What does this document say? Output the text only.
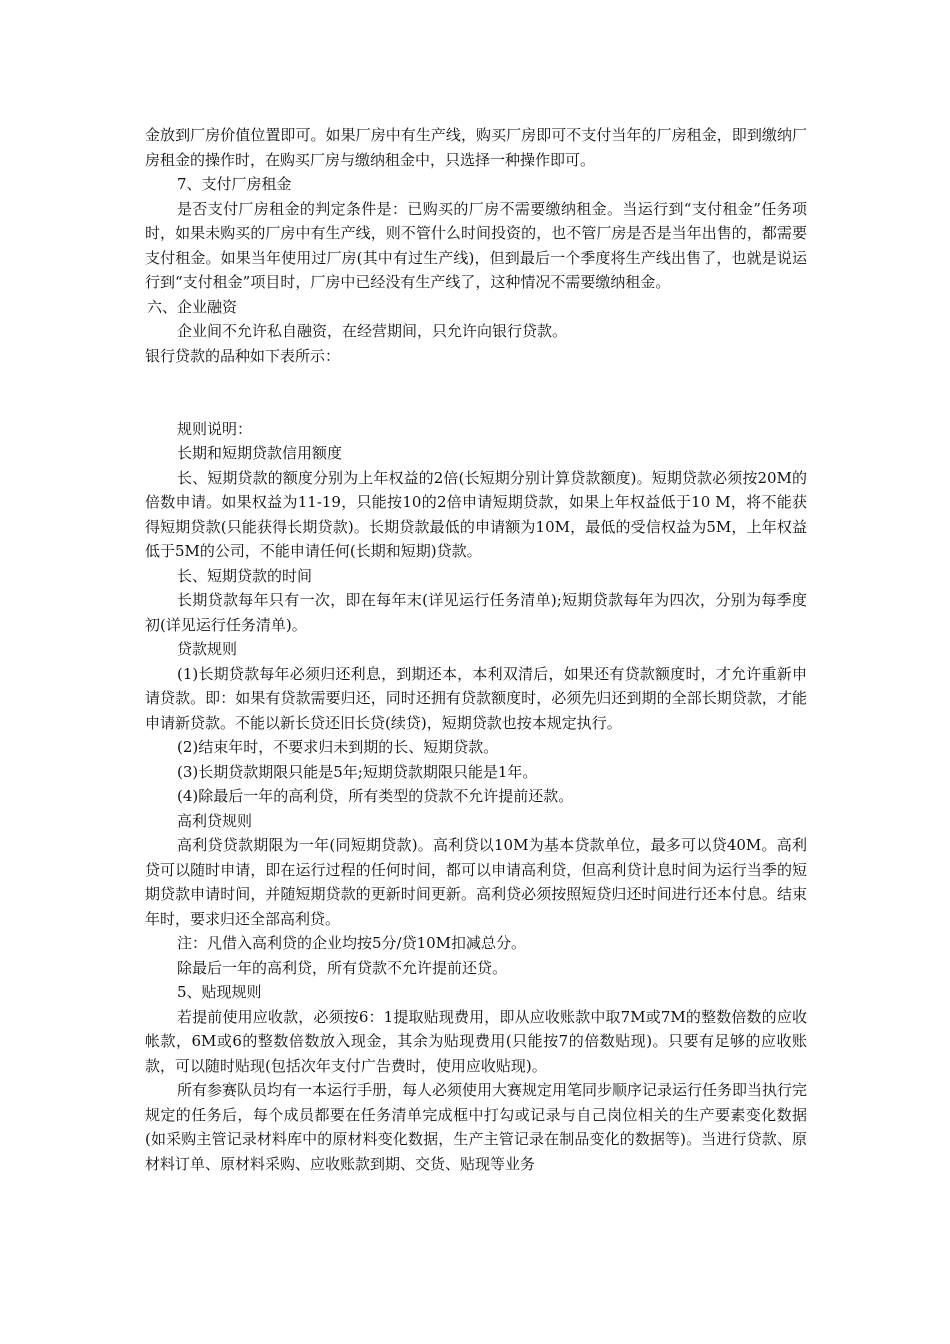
金放到厂房价值位置即可。如果厂房中有生产线，购买厂房即可不支付当年的厂房租金，即到缴纳厂房租金的操作时，在购买厂房与缴纳租金中，只选择一种操作即可。

7、支付厂房租金

是否支付厂房租金的判定条件是：已购买的厂房不需要缴纳租金。当运行到“支付租金”任务项时，如果未购买的厂房中有生产线，则不管什么时间投资的，也不管厂房是否是当年出售的，都需要支付租金。如果当年使用过厂房(其中有过生产线)，但到最后一个季度将生产线出售了，也就是说运行到“支付租金”项目时，厂房中已经没有生产线了，这种情况不需要缴纳租金。

六、企业融资

企业间不允许私自融资，在经营期间，只允许向银行贷款。

银行贷款的品种如下表所示：

规则说明：

长期和短期贷款信用额度

长、短期贷款的额度分别为上年权益的2倍(长短期分别计算贷款额度)。短期贷款必须按20M的倍数申请。如果权益为11-19，只能按10的2倍申请短期贷款，如果上年权益低于10 M，将不能获得短期贷款(只能获得长期贷款)。长期贷款最低的申请额为10M，最低的受信权益为5M，上年权益低于5M的公司，不能申请任何(长期和短期)贷款。

长、短期贷款的时间

长期贷款每年只有一次，即在每年末(详见运行任务清单);短期贷款每年为四次，分别为每季度初(详见运行任务清单)。

贷款规则

(1)长期贷款每年必须归还利息，到期还本，本利双清后，如果还有贷款额度时，才允许重新申请贷款。即：如果有贷款需要归还，同时还拥有贷款额度时，必须先归还到期的全部长期贷款，才能申请新贷款。不能以新长贷还旧长贷(续贷)，短期贷款也按本规定执行。

(2)结束年时，不要求归未到期的长、短期贷款。

(3)长期贷款期限只能是5年;短期贷款期限只能是1年。

(4)除最后一年的高利贷，所有类型的贷款不允许提前还款。

高利贷规则

高利贷贷款期限为一年(同短期贷款)。高利贷以10M为基本贷款单位，最多可以贷40M。高利贷可以随时申请，即在运行过程的任何时间，都可以申请高利贷，但高利贷计息时间为运行当季的短期贷款申请时间，并随短期贷款的更新时间更新。高利贷必须按照短贷归还时间进行还本付息。结束年时，要求归还全部高利贷。

注：凡借入高利贷的企业均按5分/贷10M扣减总分。

除最后一年的高利贷，所有贷款不允许提前还贷。

5、贴现规则

若提前使用应收款，必须按6：1提取贴现费用，即从应收账款中取7M或7M的整数倍数的应收帐款，6M或6的整数倍数放入现金，其余为贴现费用(只能按7的倍数贴现)。只要有足够的应收账款，可以随时贴现(包括次年支付广告费时，使用应收贴现)。

所有参赛队员均有一本运行手册，每人必须使用大赛规定用笔同步顺序记录运行任务即当执行完规定的任务后，每个成员都要在任务清单完成框中打勾或记录与自己岗位相关的生产要素变化数据(如采购主管记录材料库中的原材料变化数据，生产主管记录在制品变化的数据等)。当进行贷款、原材料订单、原材料采购、应收账款到期、交货、贴现等业务
